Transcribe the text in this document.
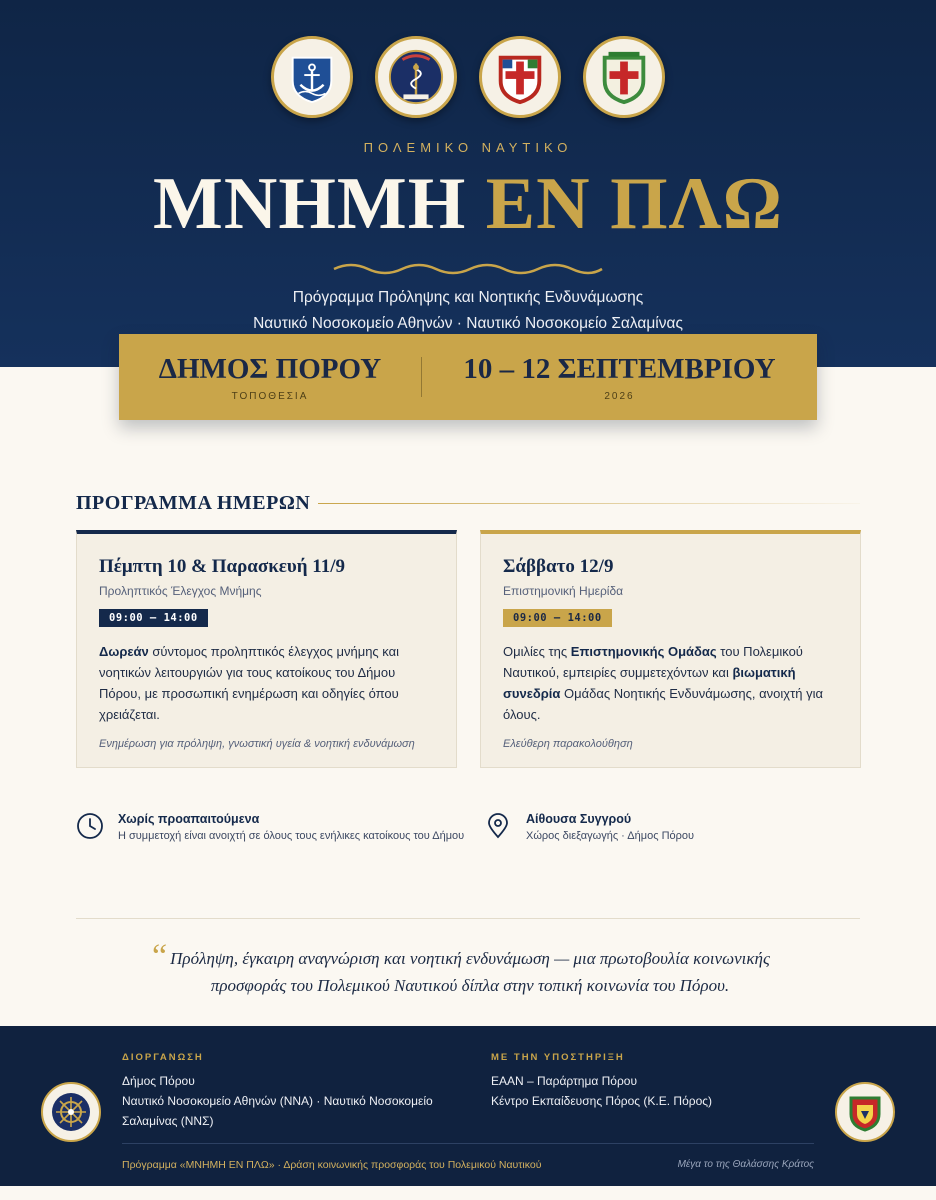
ΠΟΛΕΜΙΚΟ ΝΑΥΤΙΚΟ
ΜΝΗΜΗ ΕΝ ΠΛΩ
Πρόγραμμα Πρόληψης και Νοητικής Ενδυνάμωσης
Ναυτικό Νοσοκομείο Αθηνών · Ναυτικό Νοσοκομείο Σαλαμίνας
ΔΗΜΟΣ ΠΟΡΟΥ
ΤΟΠΟΘΕΣΙΑ
10 – 12 ΣΕΠΤΕΜΒΡΙΟΥ
2026
ΠΡΟΓΡΑΜΜΑ ΗΜΕΡΩΝ
Πέμπτη 10 & Παρασκευή 11/9
Προληπτικός Έλεγχος Μνήμης
09:00 – 14:00
Δωρεάν σύντομος προληπτικός έλεγχος μνήμης και νοητικών λειτουργιών για τους κατοίκους του Δήμου Πόρου, με προσωπική ενημέρωση και οδηγίες όπου χρειάζεται.
Ενημέρωση για πρόληψη, γνωστική υγεία & νοητική ενδυνάμωση
Σάββατο 12/9
Επιστημονική Ημερίδα
09:00 – 14:00
Ομιλίες της Επιστημονικής Ομάδας του Πολεμικού Ναυτικού, εμπειρίες συμμετεχόντων και βιωματική συνεδρία Ομάδας Νοητικής Ενδυνάμωσης, ανοιχτή για όλους.
Ελεύθερη παρακολούθηση
Χωρίς προαπαιτούμενα
Η συμμετοχή είναι ανοιχτή σε όλους τους ενήλικες κατοίκους του Δήμου
Αίθουσα Συγγρού
Χώρος διεξαγωγής · Δήμος Πόρου
“ Πρόληψη, έγκαιρη αναγνώριση και νοητική ενδυνάμωση — μια πρωτοβουλία κοινωνικής
προσφοράς του Πολεμικού Ναυτικού δίπλα στην τοπική κοινωνία του Πόρου.
ΔΙΟΡΓΑΝΩΣΗ
Δήμος Πόρου
Ναυτικό Νοσοκομείο Αθηνών (ΝΝΑ) · Ναυτικό Νοσοκομείο
Σαλαμίνας (ΝΝΣ)
ΜΕ ΤΗΝ ΥΠΟΣΤΗΡΙΞΗ
ΕΑΑΝ – Παράρτημα Πόρου
Κέντρο Εκπαίδευσης Πόρος (Κ.Ε. Πόρος)
Πρόγραμμα «ΜΝΗΜΗ ΕΝ ΠΛΩ» · Δράση κοινωνικής προσφοράς του Πολεμικού Ναυτικού	Μέγα το της Θαλάσσης Κράτος
